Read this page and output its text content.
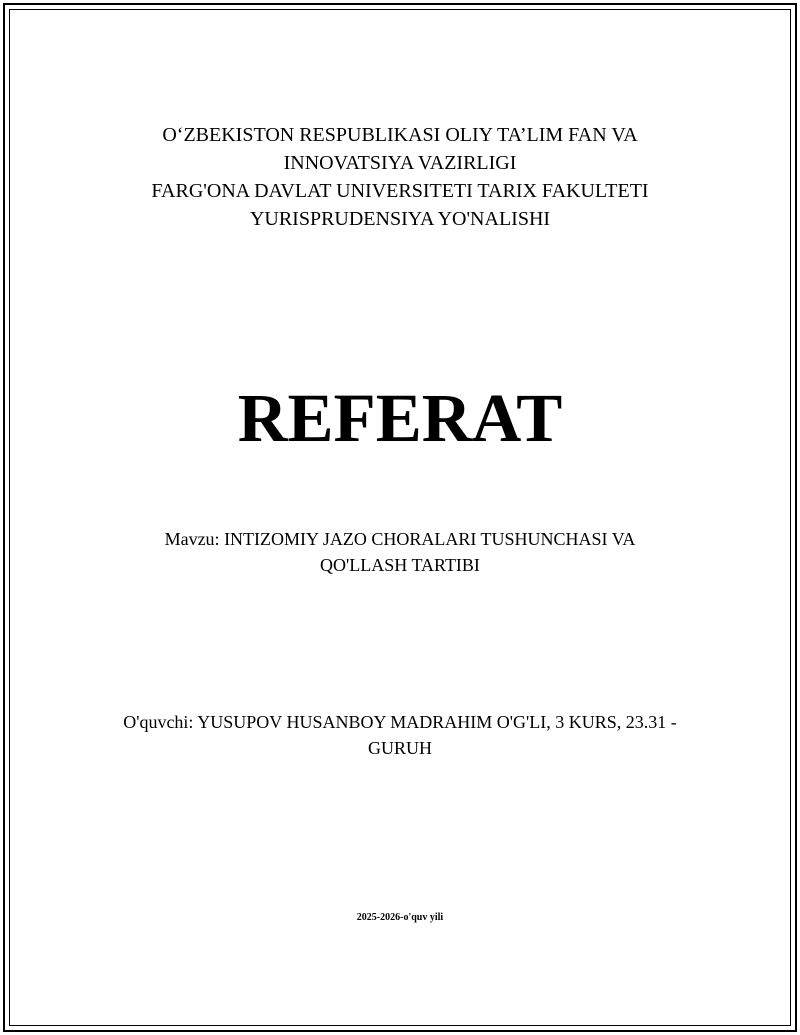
O‘ZBEKISTON RESPUBLIKASI OLIY TA’LIM FAN VA
INNOVATSIYA VAZIRLIGI
FARG'ONA DAVLAT UNIVERSITETI TARIX FAKULTETI
YURISPRUDENSIYA YO'NALISHI
REFERAT
Mavzu: INTIZOMIY JAZO CHORALARI TUSHUNCHASI VA
QO'LLASH TARTIBI
O'quvchi: YUSUPOV HUSANBOY MADRAHIM O'G'LI, 3 KURS, 23.31 -
GURUH
2025-2026-o'quv yili
